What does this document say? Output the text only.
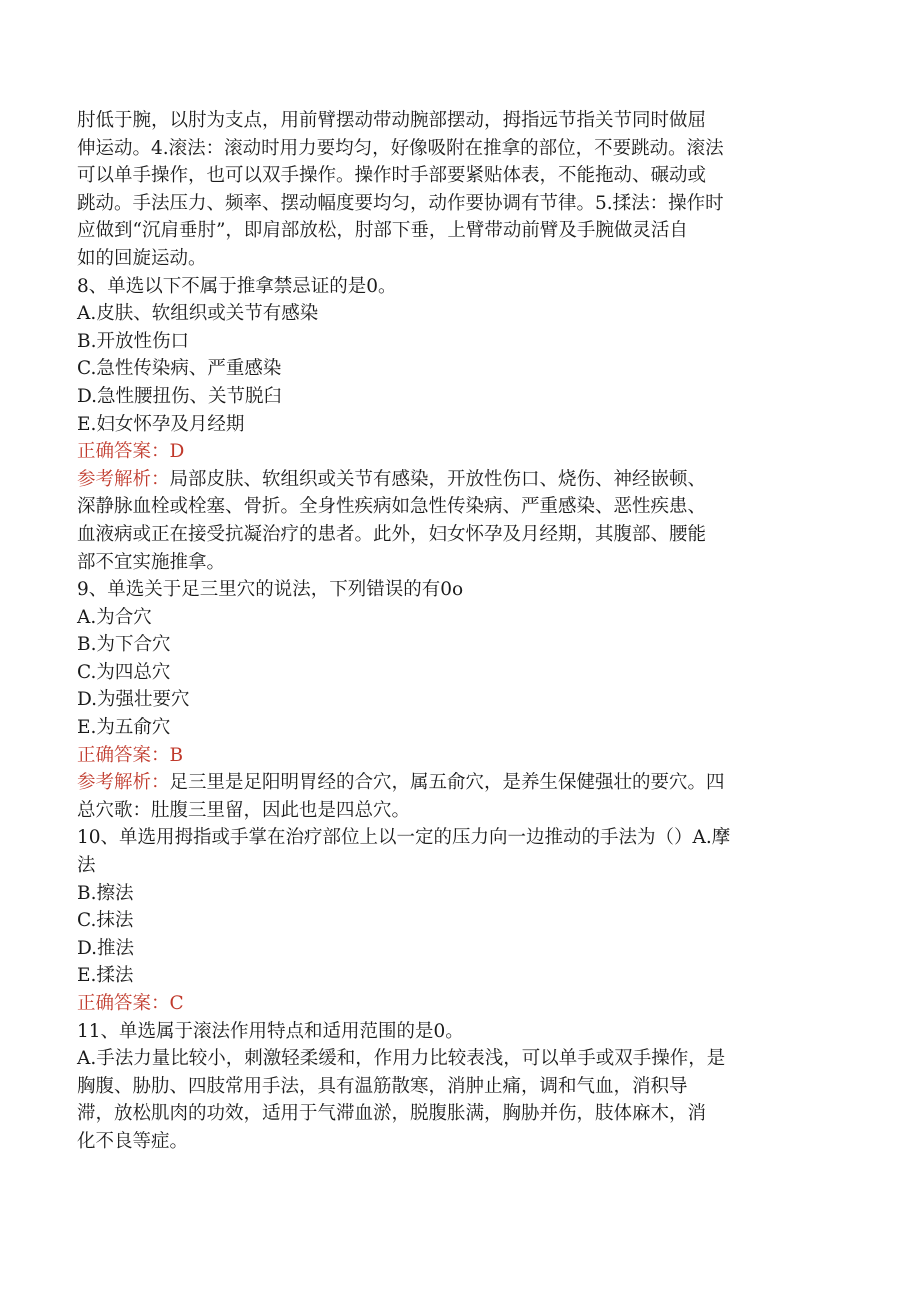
肘低于腕，以肘为支点，用前臂摆动带动腕部摆动，拇指远节指关节同时做屈
伸运动。4.滚法：滚动时用力要均匀，好像吸附在推拿的部位，不要跳动。滚法
可以单手操作，也可以双手操作。操作时手部要紧贴体表，不能拖动、碾动或
跳动。手法压力、频率、摆动幅度要均匀，动作要协调有节律。5.揉法：操作时
应做到“沉肩垂肘”，即肩部放松，肘部下垂，上臂带动前臂及手腕做灵活自
如的回旋运动。
8、单选以下不属于推拿禁忌证的是0。
A.皮肤、软组织或关节有感染
B.开放性伤口
C.急性传染病、严重感染
D.急性腰扭伤、关节脱臼
E.妇女怀孕及月经期
正确答案：D
参考解析：局部皮肤、软组织或关节有感染，开放性伤口、烧伤、神经嵌顿、
深静脉血栓或栓塞、骨折。全身性疾病如急性传染病、严重感染、恶性疾患、
血液病或正在接受抗凝治疗的患者。此外，妇女怀孕及月经期，其腹部、腰能
部不宜实施推拿。
9、单选关于足三里穴的说法，下列错误的有0o
A.为合穴
B.为下合穴
C.为四总穴
D.为强壮要穴
E.为五俞穴
正确答案：B
参考解析：足三里是足阳明胃经的合穴，属五俞穴，是养生保健强壮的要穴。四
总穴歌：肚腹三里留，因此也是四总穴。
10、单选用拇指或手掌在治疗部位上以一定的压力向一边推动的手法为（）A.摩
法
B.擦法
C.抹法
D.推法
E.揉法
正确答案：C
11、单选属于滚法作用特点和适用范围的是0。
A.手法力量比较小，刺激轻柔缓和，作用力比较表浅，可以单手或双手操作，是
胸腹、胁肋、四肢常用手法，具有温筋散寒，消肿止痛，调和气血，消积导
滞，放松肌肉的功效，适用于气滞血淤，脱腹胀满，胸胁并伤，肢体麻木，消
化不良等症。
